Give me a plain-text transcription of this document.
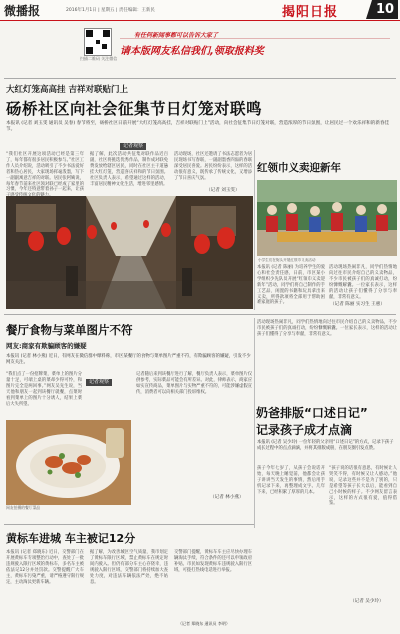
微播报	2016年1月1日 | 星期五 | 责任编辑：王新民	揭阳日报	10
扫描二维码 关注微信
有任何新闻事都可以告诉大家了
请本版网友私信我们,领取报料奖
大红灯笼高高挂 吉祥对联贴门上
砀桥社区向社会征集节日灯笼对联鸣
本报讯 (记者 刘玉雯 通讯员 吴春) 春节将至，砀桥社区日前开展“大红灯笼高高挂，吉祥对联贴门上”活动，向社会征集节日灯笼对联，营造浓厚的节日氛围，让居民过一个欢乐祥和的新春佳节。
记者观察
“我们社区开展这项活动已经是第三年了，每年都有很多居民积极参与。”社区工作人员介绍说，活动吸引了不少书法爱好者和热心居民，大家现场挥毫泼墨，写下一副副寓意吉祥的对联。居民张阿姨说，每年春节前来社区领对联已经成了家里的习惯，今年还特意带着孙子一起来，让孩
据了解，此次活动共征集对联作品近百副，社区将挑选优秀作品，制作成对联免费发放给辖区居民，同时在社区主干道悬挂大红灯笼，营造喜庆祥和的节日氛围。社区负责人表示，希望通过这样的活动，丰富居民精神文化生活，增进邻里感情。
活动现场，社区还邀请了书法志愿者为居民现场书写春联，一副副墨香四溢的春联深受居民喜爱。居民纷纷表示，这样的活动很有意义，既传承了传统文化，又增添了节日喜庆气氛。
（记者 刘玉雯）
红领巾义卖迎新年
小学生们在街头开展红领巾义卖活动
本报讯 (记者 陈丽) 为培养学生的爱心和社会责任感，日前，市区某小学组织少先队员开展“红领巾义卖迎新年”活动，同学们将自己制作的手工艺品、闲置的书籍和玩具拿出来义卖，所得款项将全部用于帮助困难家庭的孩子。
活动现场热闹非凡，同学们热情地向过往市民介绍自己的义卖物品，不少市民被孩子们的真诚打动，纷纷慷慨解囊。一位家长表示，这样的活动让孩子们懂得了分享与奉献，非常有意义。
（记者 陈丽 实习生 王惠）
餐厅食物与菜单图片不符
网友:商家有欺骗顾客的嫌疑
本报讯 (记者 林小燕) 近日，有网友在微信群中爆料称，市区某餐厅的食物与菜单图片严重不符，有欺骗顾客的嫌疑，引发不少网友关注。
记者观察
“我们点了一份招牌菜，菜单上的图片分量十足，可端上桌的菜却少得可怜，和图片完全是两回事。”网友吴先生说，当天他和朋友一起到该餐厅就餐，点菜时看到菜单上的图片十分诱人，结果上菜后大失所望。
记者随后来到该餐厅进行了解，餐厅负责人表示，菜单图片仅供参考，实际菜品可能会有所差异。对此，律师表示，商家应如实宣传商品，菜单图片与实物严重不符的，可能涉嫌虚假宣传，消费者可以向相关部门投诉维权。
网友拍摄的餐厅菜品
（记者 林小燕）
活动现场热闹非凡，同学们热情地向过往市民介绍自己的义卖物品，不少市民被孩子们的真诚打动，纷纷慷慨解囊。一位家长表示，这样的活动让孩子们懂得了分享与奉献，非常有意义。
奶爸排版“口述日记”
记录孩子成才点滴
本报讯 (记者 吴少玲) 一位年轻的父亲用“口述日记”的方式，记录下孩子成长过程中的点点滴滴，并将其排版成册，在朋友圈引发点赞。
孩子今年七岁了，从孩子会说话开始，每天晚上睡觉前，他都会让孩子讲讲当天发生的事情，然后用手机记录下来，再整理成文字。几年下来，已经积累了厚厚的几本。
“孩子说的话很有意思，有时候让人哭笑不得，有时候又让人感动。”他说，记录这些并不是为了别的，只是希望等孩子长大以后，能看到自己小时候的样子。不少网友留言表示，这样的方式很有爱，值得借鉴。
（记者 吴少玲）
黄标车进城 车主被记12分
本报讯 (记者 郑晓东) 近日，交警部门在开展黄标车专项整治行动中，查处了一批违规驶入限行区域的黄标车，多名车主被依法记12分并处罚款。交警提醒广大车主，黄标车污染严重，请严格遵守限行规定，主动淘汰更新车辆。
据了解，为改善城区空气质量，我市划定了黄标车限行区域，禁止黄标车在规定时间内驶入。但仍有部分车主心存侥幸，违规驶入限行区域，交警部门将持续加大查处力度，对违法车辆依法严处，绝不姑息。
交警部门提醒，黄标车车主应尽快办理车辆淘汰手续，符合条件的还可以申领政府补贴。市民如发现黄标车违规驶入限行区域，可拨打热线电话进行举报。
（记者 郑晓东 通讯员 李明）
